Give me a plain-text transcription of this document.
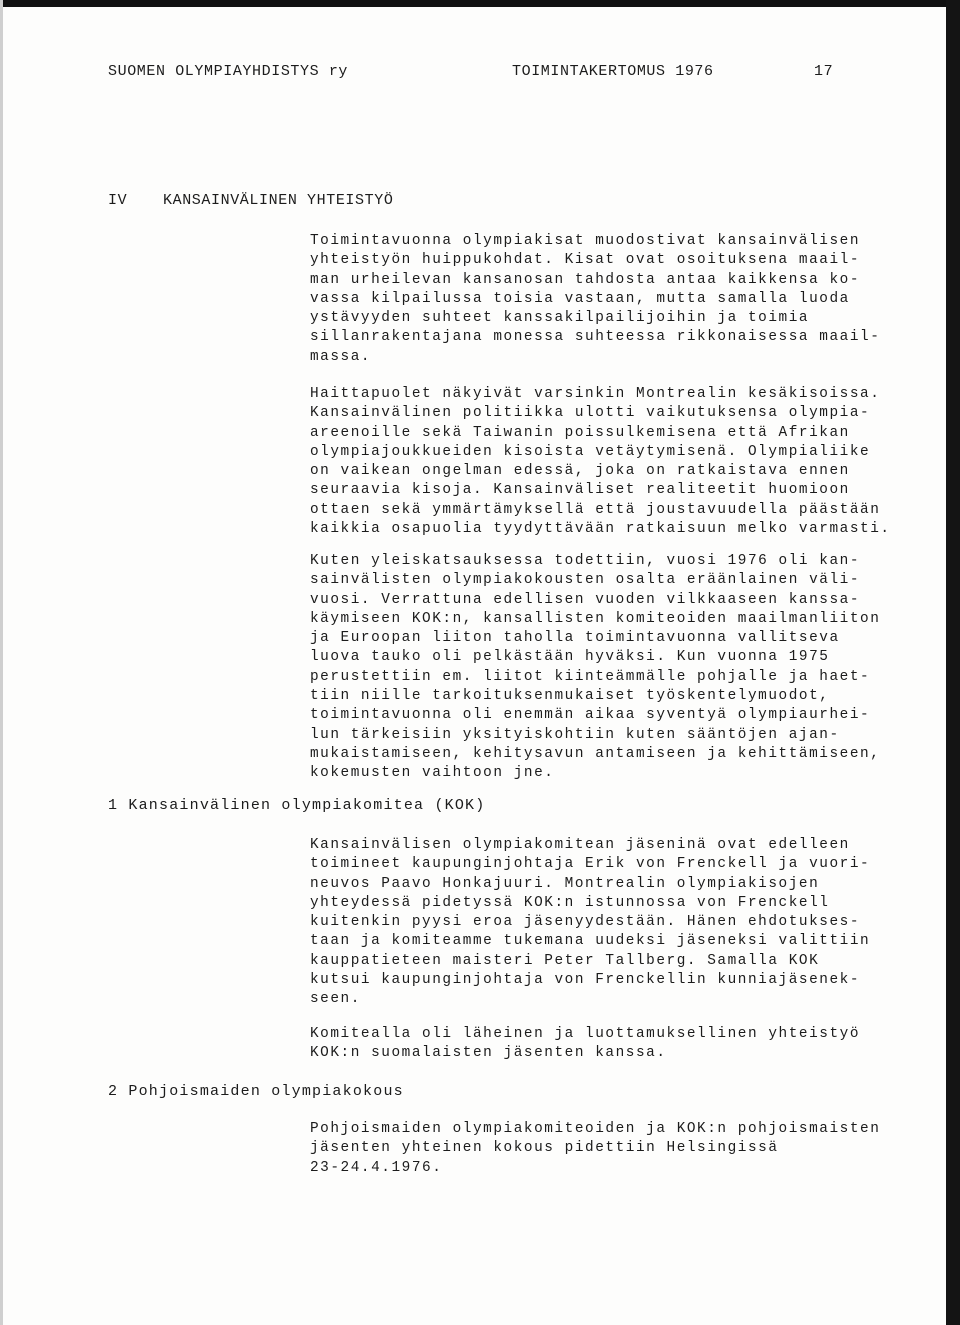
SUOMEN OLYMPIAYHDISTYS ry	TOIMINTAKERTOMUS 1976	17
IV KANSAINVÄLINEN YHTEISTYÖ

Toimintavuonna olympiakisat muodostivat kansainvälisen
yhteistyön huippukohdat. Kisat ovat osoituksena maail-
man urheilevan kansanosan tahdosta antaa kaikkensa ko-
vassa kilpailussa toisia vastaan, mutta samalla luoda
ystävyyden suhteet kanssakilpailijoihin ja toimia
sillanrakentajana monessa suhteessa rikkonaisessa maail-
massa.

Haittapuolet näkyivät varsinkin Montrealin kesäkisoissa.
Kansainvälinen politiikka ulotti vaikutuksensa olympia-
areenoille sekä Taiwanin poissulkemisena että Afrikan
olympiajoukkueiden kisoista vetäytymisenä. Olympialiike
on vaikean ongelman edessä, joka on ratkaistava ennen
seuraavia kisoja. Kansainväliset realiteetit huomioon
ottaen sekä ymmärtämyksellä että joustavuudella päästään
kaikkia osapuolia tyydyttävään ratkaisuun melko varmasti.

Kuten yleiskatsauksessa todettiin, vuosi 1976 oli kan-
sainvälisten olympiakokousten osalta eräänlainen väli-
vuosi. Verrattuna edellisen vuoden vilkkaaseen kanssa-
käymiseen KOK:n, kansallisten komiteoiden maailmanliiton
ja Euroopan liiton taholla toimintavuonna vallitseva
luova tauko oli pelkästään hyväksi. Kun vuonna 1975
perustettiin em. liitot kiinteämmälle pohjalle ja haet-
tiin niille tarkoituksenmukaiset työskentelymuodot,
toimintavuonna oli enemmän aikaa syventyä olympiaurhei-
lun tärkeisiin yksityiskohtiin kuten sääntöjen ajan-
mukaistamiseen, kehitysavun antamiseen ja kehittämiseen,
kokemusten vaihtoon jne.

1 Kansainvälinen olympiakomitea (KOK)

Kansainvälisen olympiakomitean jäseninä ovat edelleen
toimineet kaupunginjohtaja Erik von Frenckell ja vuori-
neuvos Paavo Honkajuuri. Montrealin olympiakisojen
yhteydessä pidetyssä KOK:n istunnossa von Frenckell
kuitenkin pyysi eroa jäsenyydestään. Hänen ehdotukses-
taan ja komiteamme tukemana uudeksi jäseneksi valittiin
kauppatieteen maisteri Peter Tallberg. Samalla KOK
kutsui kaupunginjohtaja von Frenckellin kunniajäsenek-
seen.

Komitealla oli läheinen ja luottamuksellinen yhteistyö
KOK:n suomalaisten jäsenten kanssa.

2 Pohjoismaiden olympiakokous

Pohjoismaiden olympiakomiteoiden ja KOK:n pohjoismaisten
jäsenten yhteinen kokous pidettiin Helsingissä
23-24.4.1976.
